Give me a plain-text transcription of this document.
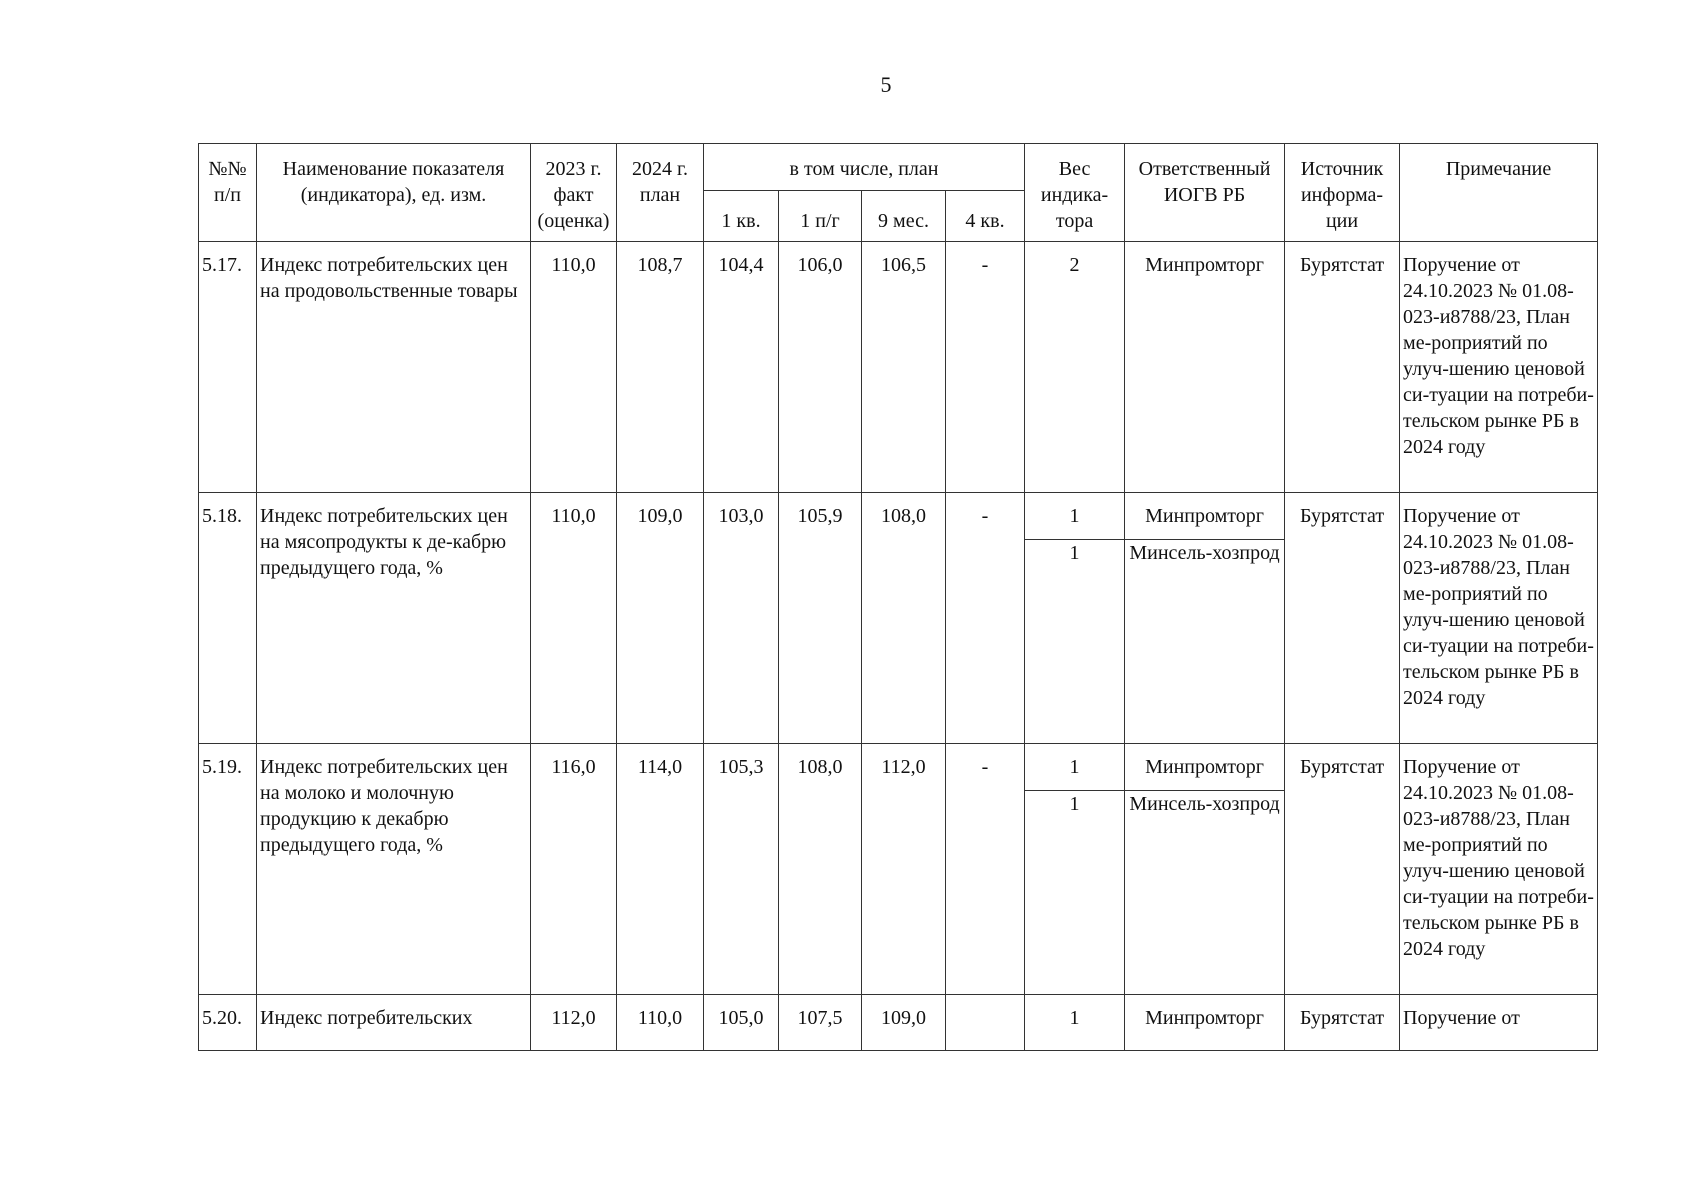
5
№№ п/п	Наименование показателя (индикатора), ед. изм.	2023 г. факт (оценка)	2024 г. план	в том числе, план				Вес индика-тора	Ответственный ИОГВ РБ	Источник информа-ции	Примечание
				1 кв.	1 п/г	9 мес.	4 кв.				
5.17.	Индекс потребительских цен на продовольственные товары	110,0	108,7	104,4	106,0	106,5	-	2	Минпромторг	Бурятстат	Поручение от 24.10.2023 № 01.08-023-и8788/23, План ме-роприятий по улуч-шению ценовой си-туации на потреби-тельском рынке РБ в 2024 году
5.18.	Индекс потребительских цен на мясопродукты к де-кабрю предыдущего года, %	110,0	109,0	103,0	105,9	108,0	-	1	Минпромторг	Бурятстат	Поручение от 24.10.2023 № 01.08-023-и8788/23, План ме-роприятий по улуч-шению ценовой си-туации на потреби-тельском рынке РБ в 2024 году
								1	Минсель-хозпрод		
5.19.	Индекс потребительских цен на молоко и молочную продукцию к декабрю предыдущего года, %	116,0	114,0	105,3	108,0	112,0	-	1	Минпромторг	Бурятстат	Поручение от 24.10.2023 № 01.08-023-и8788/23, План ме-роприятий по улуч-шению ценовой си-туации на потреби-тельском рынке РБ в 2024 году
								1	Минсель-хозпрод		
5.20.	Индекс потребительских	112,0	110,0	105,0	107,5	109,0		1	Минпромторг	Бурятстат	Поручение от
